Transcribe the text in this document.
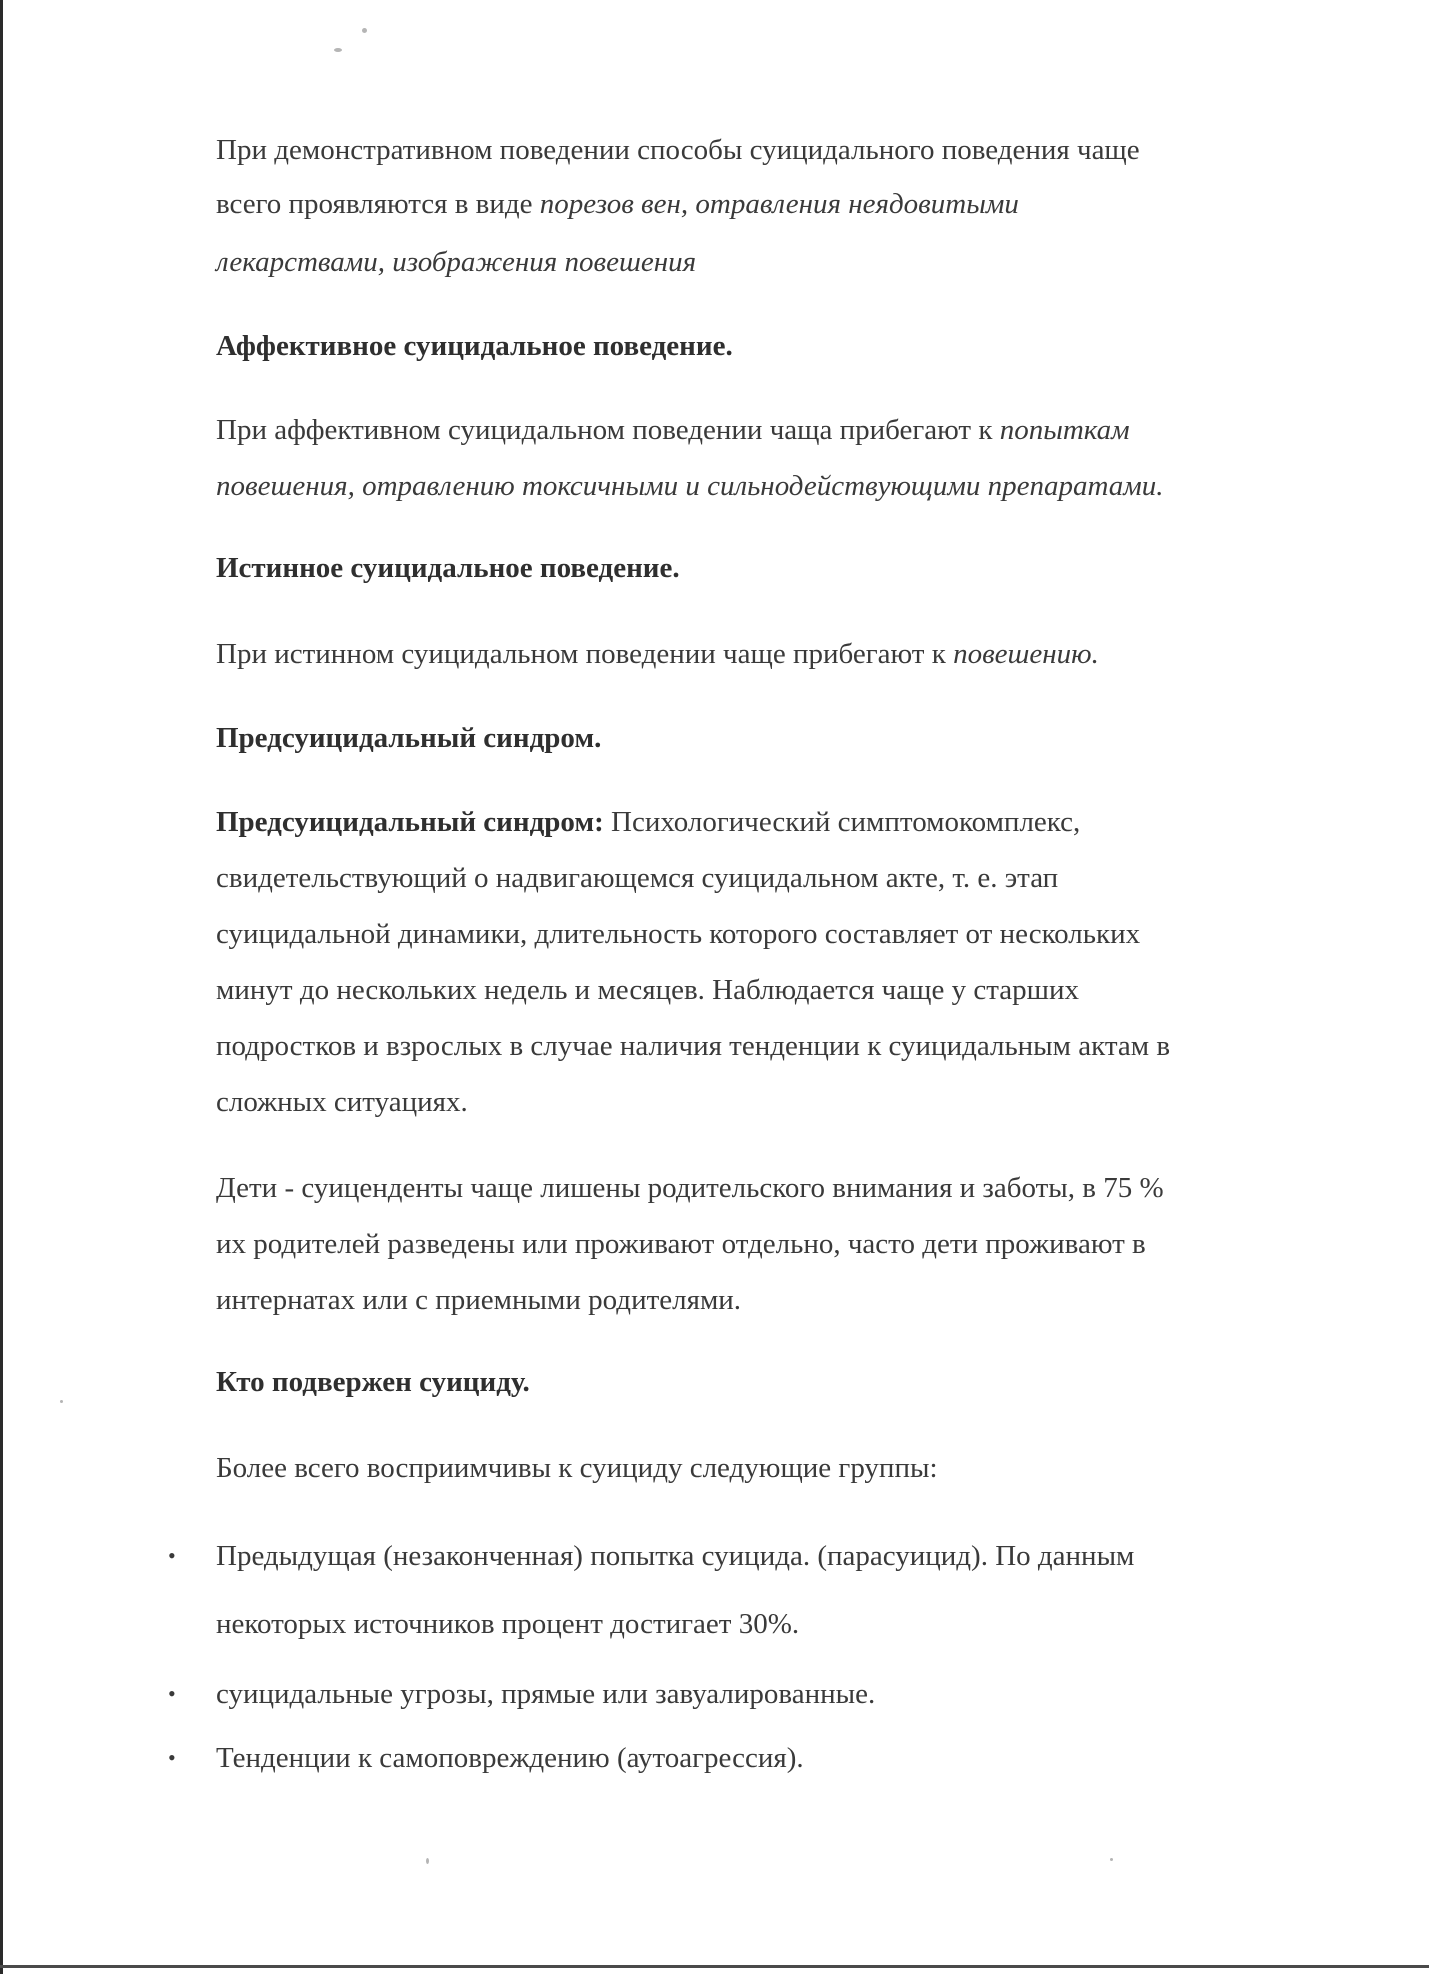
При демонстративном поведении способы суицидального поведения чаще
всего проявляются в виде порезов вен, отравления неядовитыми
лекарствами, изображения повешения
Аффективное суицидальное поведение.
При аффективном суицидальном поведении чаща прибегают к попыткам
повешения, отравлению токсичными и сильнодействующими препаратами.
Истинное суицидальное поведение.
При истинном суицидальном поведении чаще прибегают к повешению.
Предсуицидальный синдром.
Предсуицидальный синдром: Психологический симптомокомплекс,
свидетельствующий о надвигающемся суицидальном акте, т. е. этап
суицидальной динамики, длительность которого составляет от нескольких
минут до нескольких недель и месяцев. Наблюдается чаще у старших
подростков и взрослых в случае наличия тенденции к суицидальным актам в
сложных ситуациях.
Дети - суиценденты чаще лишены родительского внимания и заботы, в 75 %
их родителей разведены или проживают отдельно, часто дети проживают в
интернатах или с приемными родителями.
Кто подвержен суициду.
Более всего восприимчивы к суициду следующие группы:
• Предыдущая (незаконченная) попытка суицида. (парасуицид). По данным
некоторых источников процент достигает 30%.
• суицидальные угрозы, прямые или завуалированные.
• Тенденции к самоповреждению (аутоагрессия).
